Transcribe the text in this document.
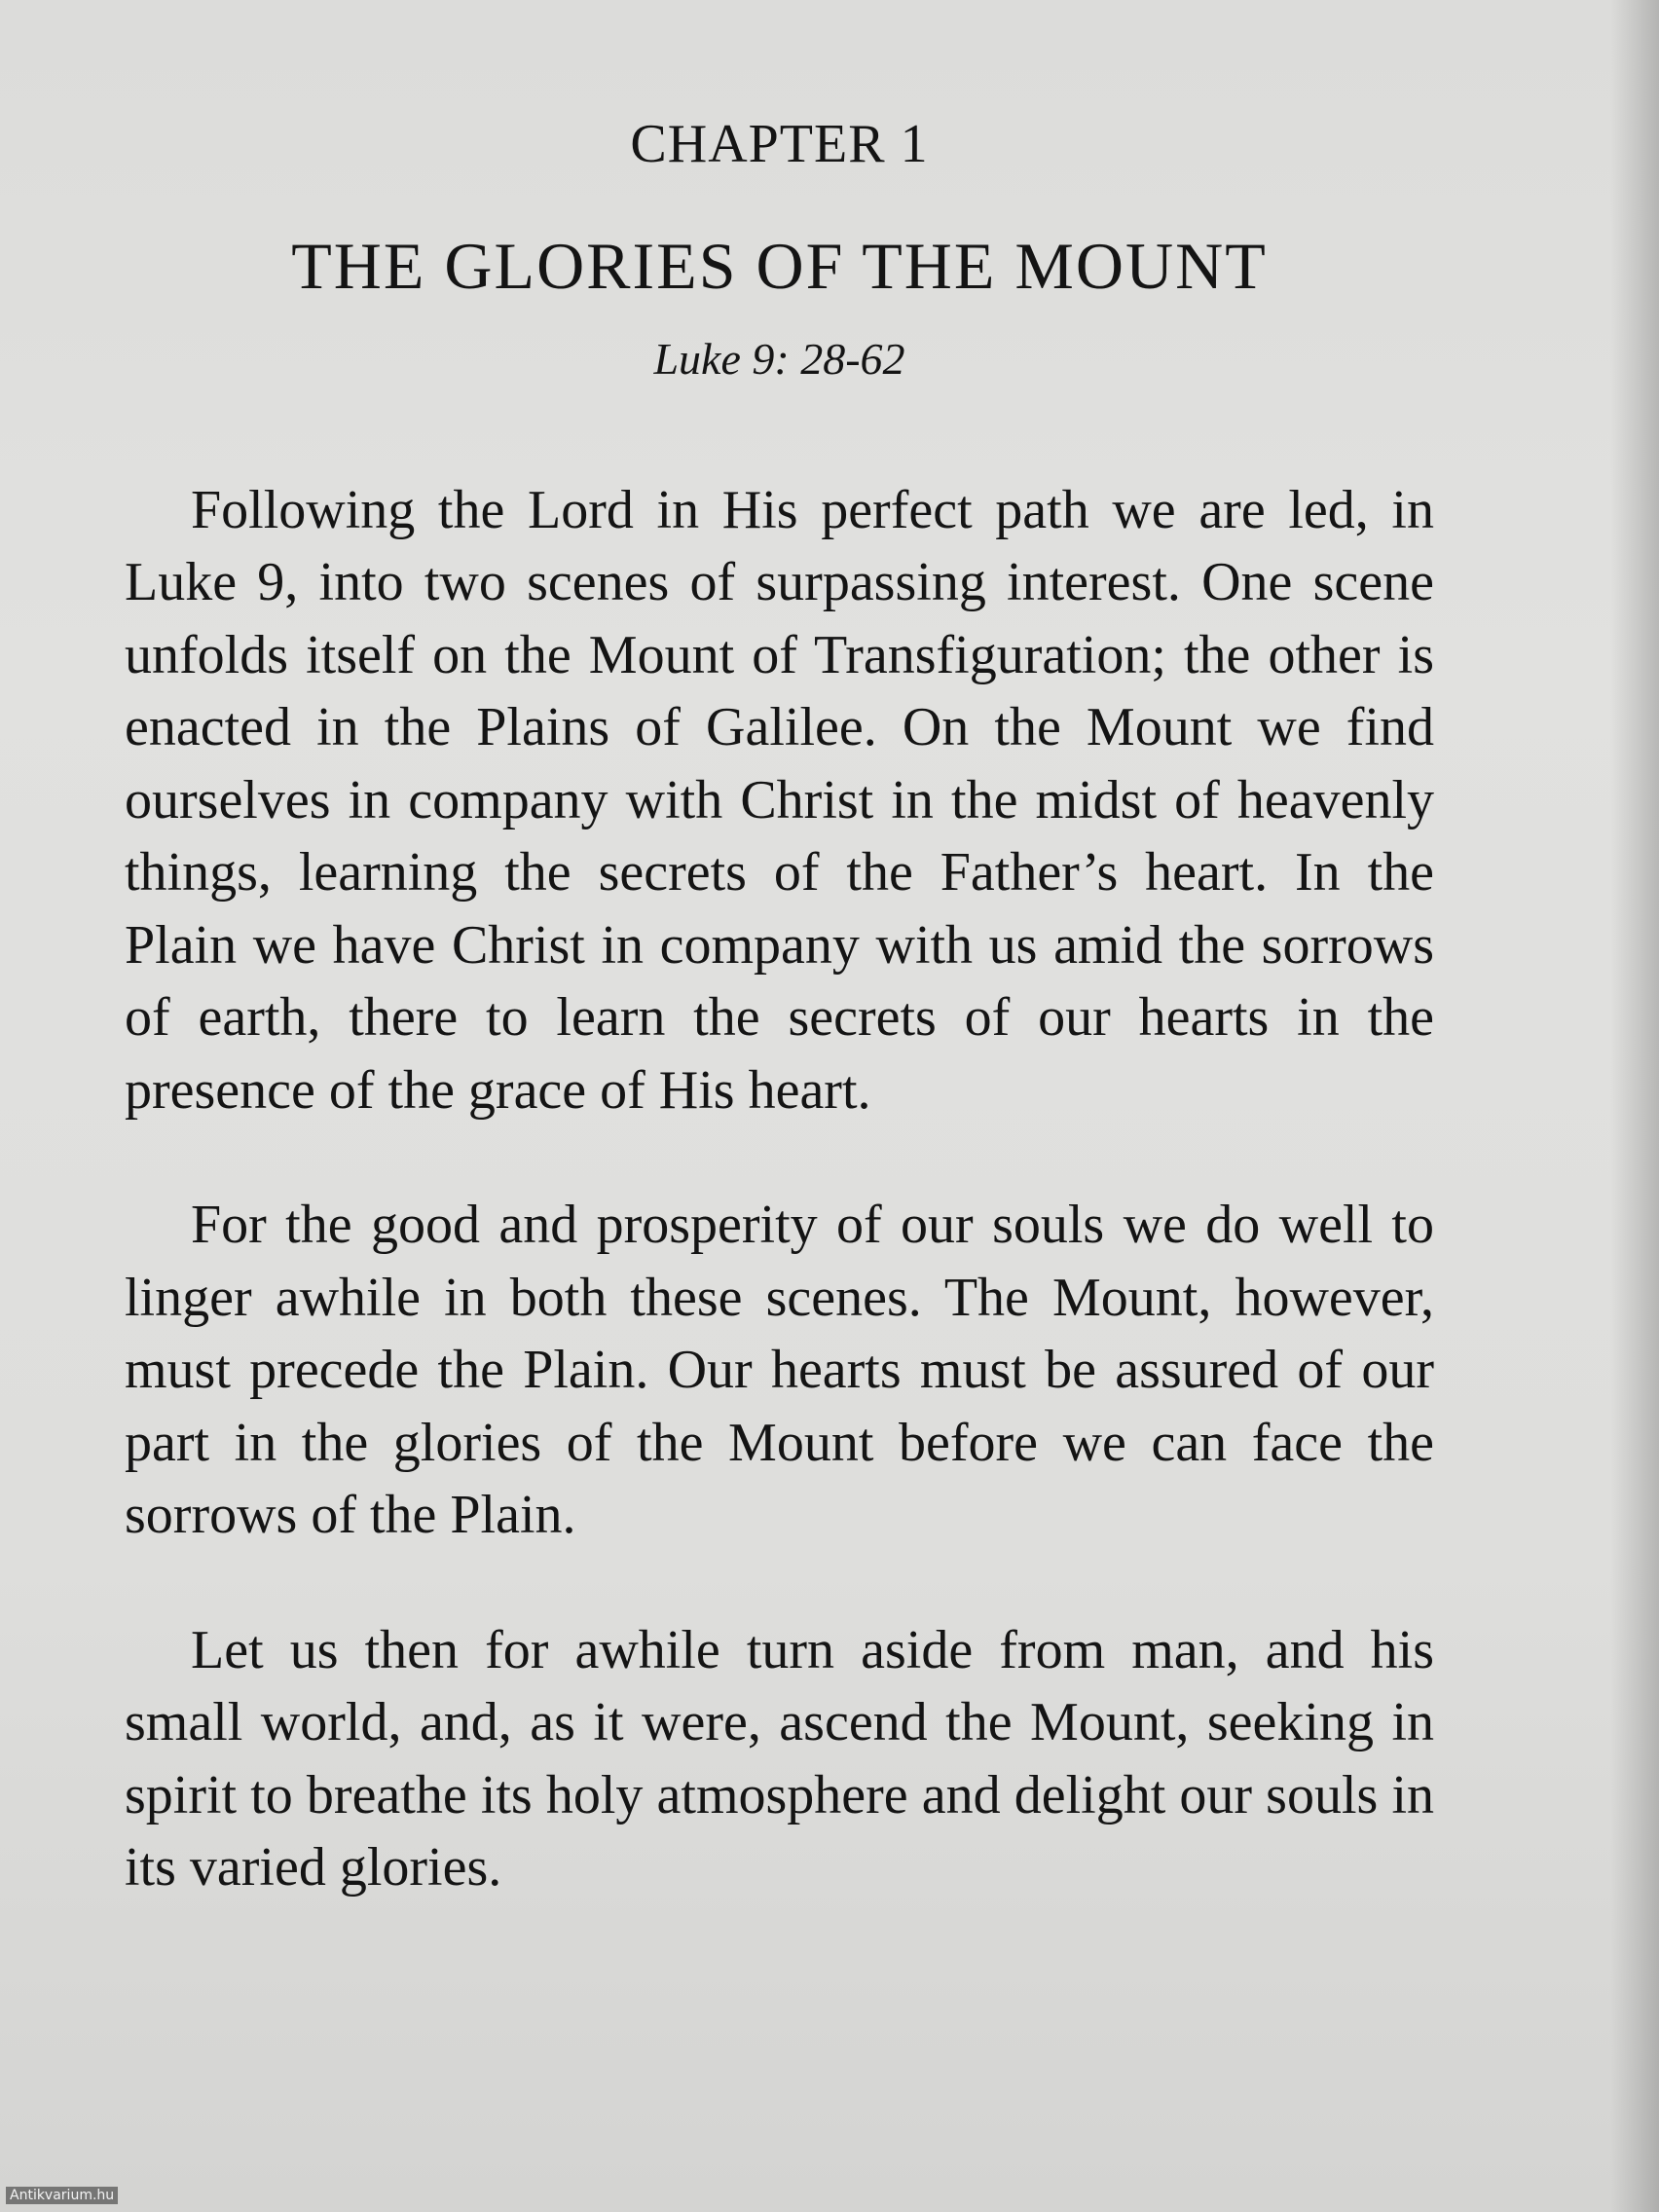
CHAPTER 1
THE GLORIES OF THE MOUNT
Luke 9: 28-62

Following the Lord in His perfect path we are led, in Luke 9, into two scenes of surpassing interest. One scene unfolds itself on the Mount of Transfiguration; the other is enacted in the Plains of Galilee. On the Mount we find ourselves in company with Christ in the midst of heavenly things, learning the secrets of the Father’s heart. In the Plain we have Christ in company with us amid the sorrows of earth, there to learn the secrets of our hearts in the presence of the grace of His heart.

For the good and prosperity of our souls we do well to linger awhile in both these scenes. The Mount, however, must precede the Plain. Our hearts must be assured of our part in the glories of the Mount before we can face the sorrows of the Plain.

Let us then for awhile turn aside from man, and his small world, and, as it were, ascend the Mount, seeking in spirit to breathe its holy atmosphere and delight our souls in its varied glories.

Antikvarium.hu
